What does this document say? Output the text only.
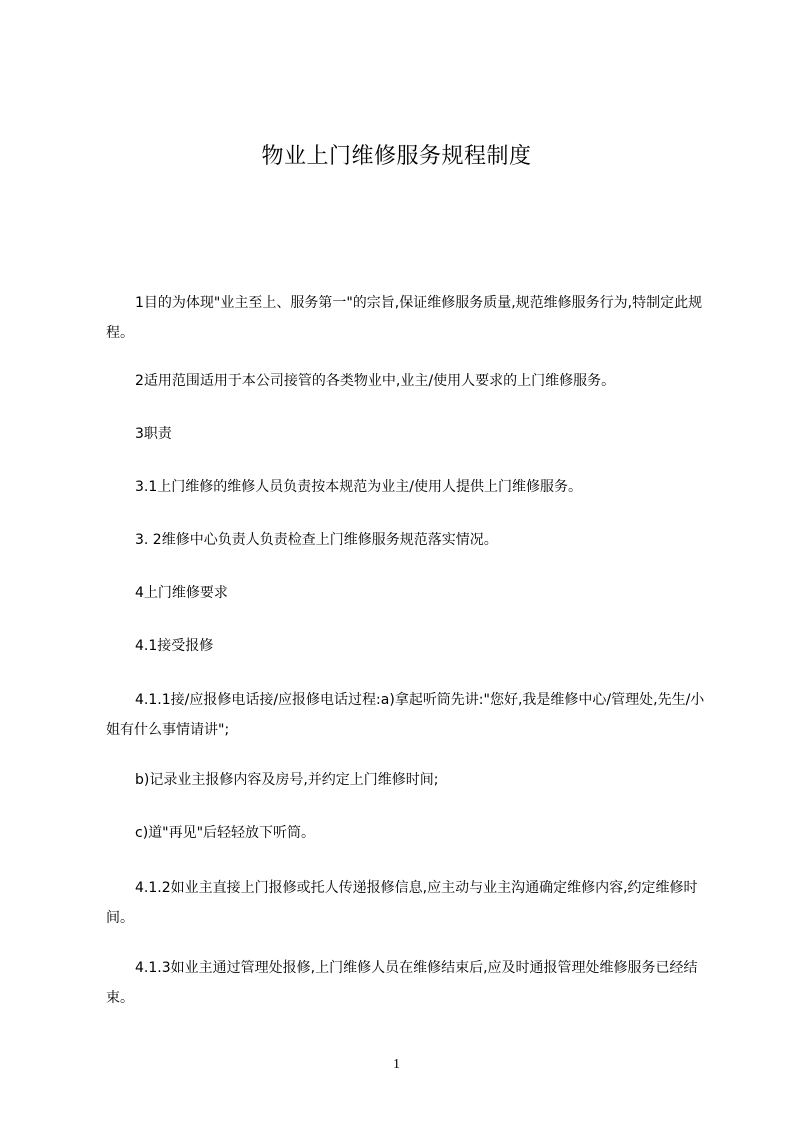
物业上门维修服务规程制度

1目的为体现"业主至上、服务第一"的宗旨,保证维修服务质量,规范维修服务行为,特制定此规程。

2适用范围适用于本公司接管的各类物业中,业主/使用人要求的上门维修服务。

3职责

3.1上门维修的维修人员负责按本规范为业主/使用人提供上门维修服务。

3. 2维修中心负责人负责检查上门维修服务规范落实情况。

4上门维修要求

4.1接受报修

4.1.1接/应报修电话接/应报修电话过程:a)拿起听筒先讲:"您好,我是维修中心/管理处,先生/小姐有什么事情请讲";

b)记录业主报修内容及房号,并约定上门维修时间;

c)道"再见"后轻轻放下听筒。

4.1.2如业主直接上门报修或托人传递报修信息,应主动与业主沟通确定维修内容,约定维修时间。

4.1.3如业主通过管理处报修,上门维修人员在维修结束后,应及时通报管理处维修服务已经结束。

1
